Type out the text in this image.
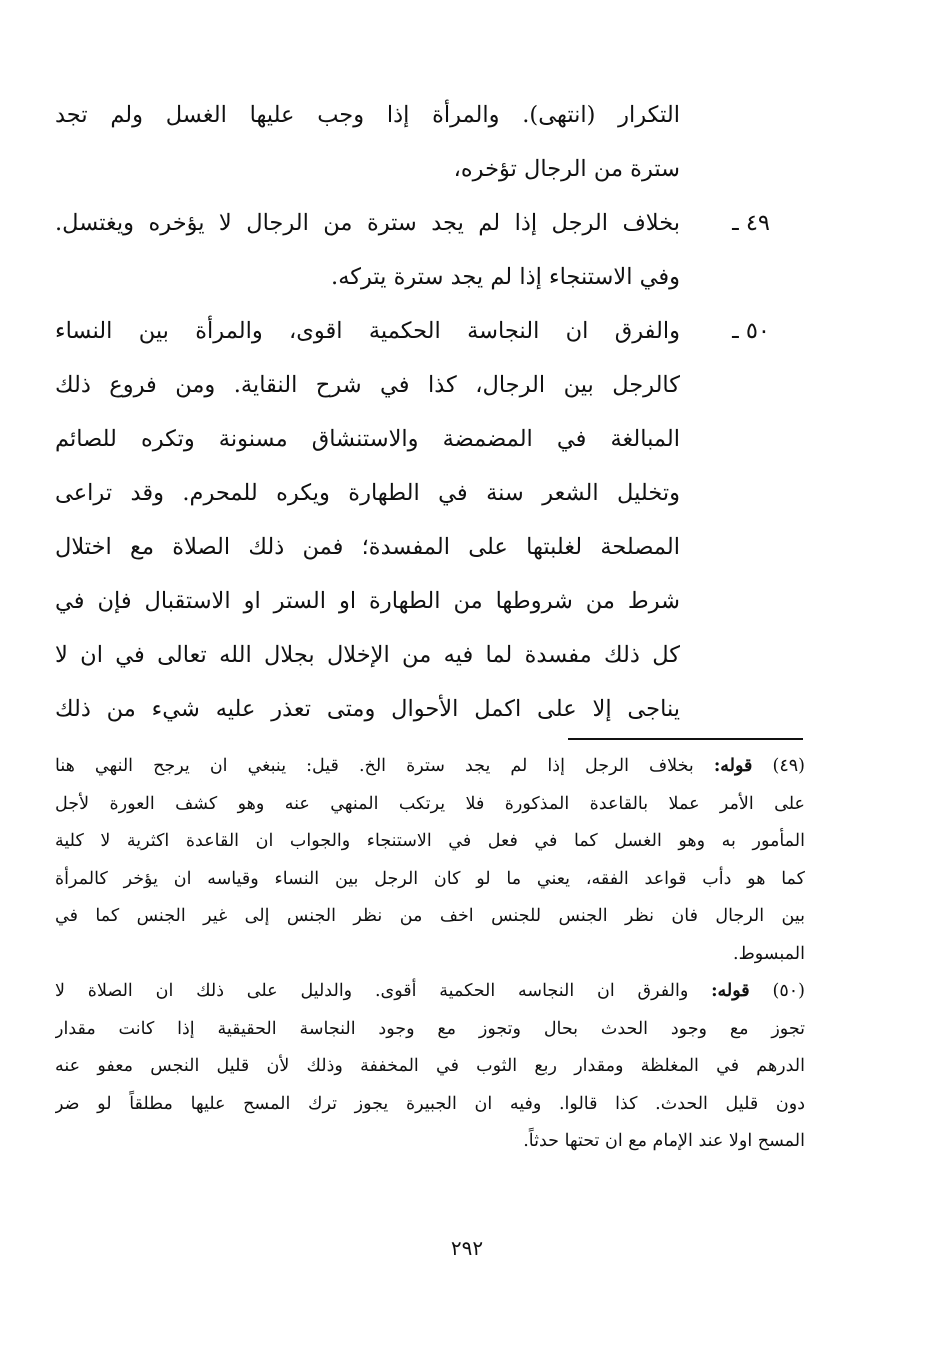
٤٩ ـ
٥٠ ـ
التكرار (انتهى). والمرأة إذا وجب عليها الغسل ولم تجد
سترة من الرجال تؤخره،
بخلاف الرجل إذا لم يجد سترة من الرجال لا يؤخره ويغتسل.
وفي الاستنجاء إذا لم يجد سترة يتركه.
والفرق ان النجاسة الحكمية اقوى، والمرأة بين النساء
كالرجل بين الرجال، كذا في شرح النقاية. ومن فروع ذلك
المبالغة في المضمضة والاستنشاق مسنونة وتكره للصائم
وتخليل الشعر سنة في الطهارة ويكره للمحرم. وقد تراعى
المصلحة لغلبتها على المفسدة؛ فمن ذلك الصلاة مع اختلال
شرط من شروطها من الطهارة او الستر او الاستقبال فإن في
كل ذلك مفسدة لما فيه من الإخلال بجلال الله تعالى في ان لا
يناجى إلا على اكمل الأحوال ومتى تعذر عليه شيء من ذلك
(٤٩) قوله: بخلاف الرجل إذا لم يجد سترة الخ. قيل: ينبغي ان يرجح النهي هنا
على الأمر عملا بالقاعدة المذكورة فلا يرتكب المنهي عنه وهو كشف العورة لأجل
المأمور به وهو الغسل كما في فعل في الاستنجاء والجواب ان القاعدة اكثرية لا كلية
كما هو دأب قواعد الفقه، يعني ما لو كان الرجل بين النساء وقياسه ان يؤخر كالمرأة
بين الرجال فان نظر الجنس للجنس اخف من نظر الجنس إلى غير الجنس كما في
المبسوط.
(٥٠) قوله: والفرق ان النجاسه الحكمية أقوى. والدليل على ذلك ان الصلاة لا
تجوز مع وجود الحدث بحال وتجوز مع وجود النجاسة الحقيقية إذا كانت مقدار
الدرهم في المغلظة ومقدار ربع الثوب في المخففة وذلك لأن قليل النجس معفو عنه
دون قليل الحدث. كذا قالوا. وفيه ان الجبيرة يجوز ترك المسح عليها مطلقاً لو ضر
المسح اولا عند الإمام مع ان تحتها حدثاً.
٢٩٢
